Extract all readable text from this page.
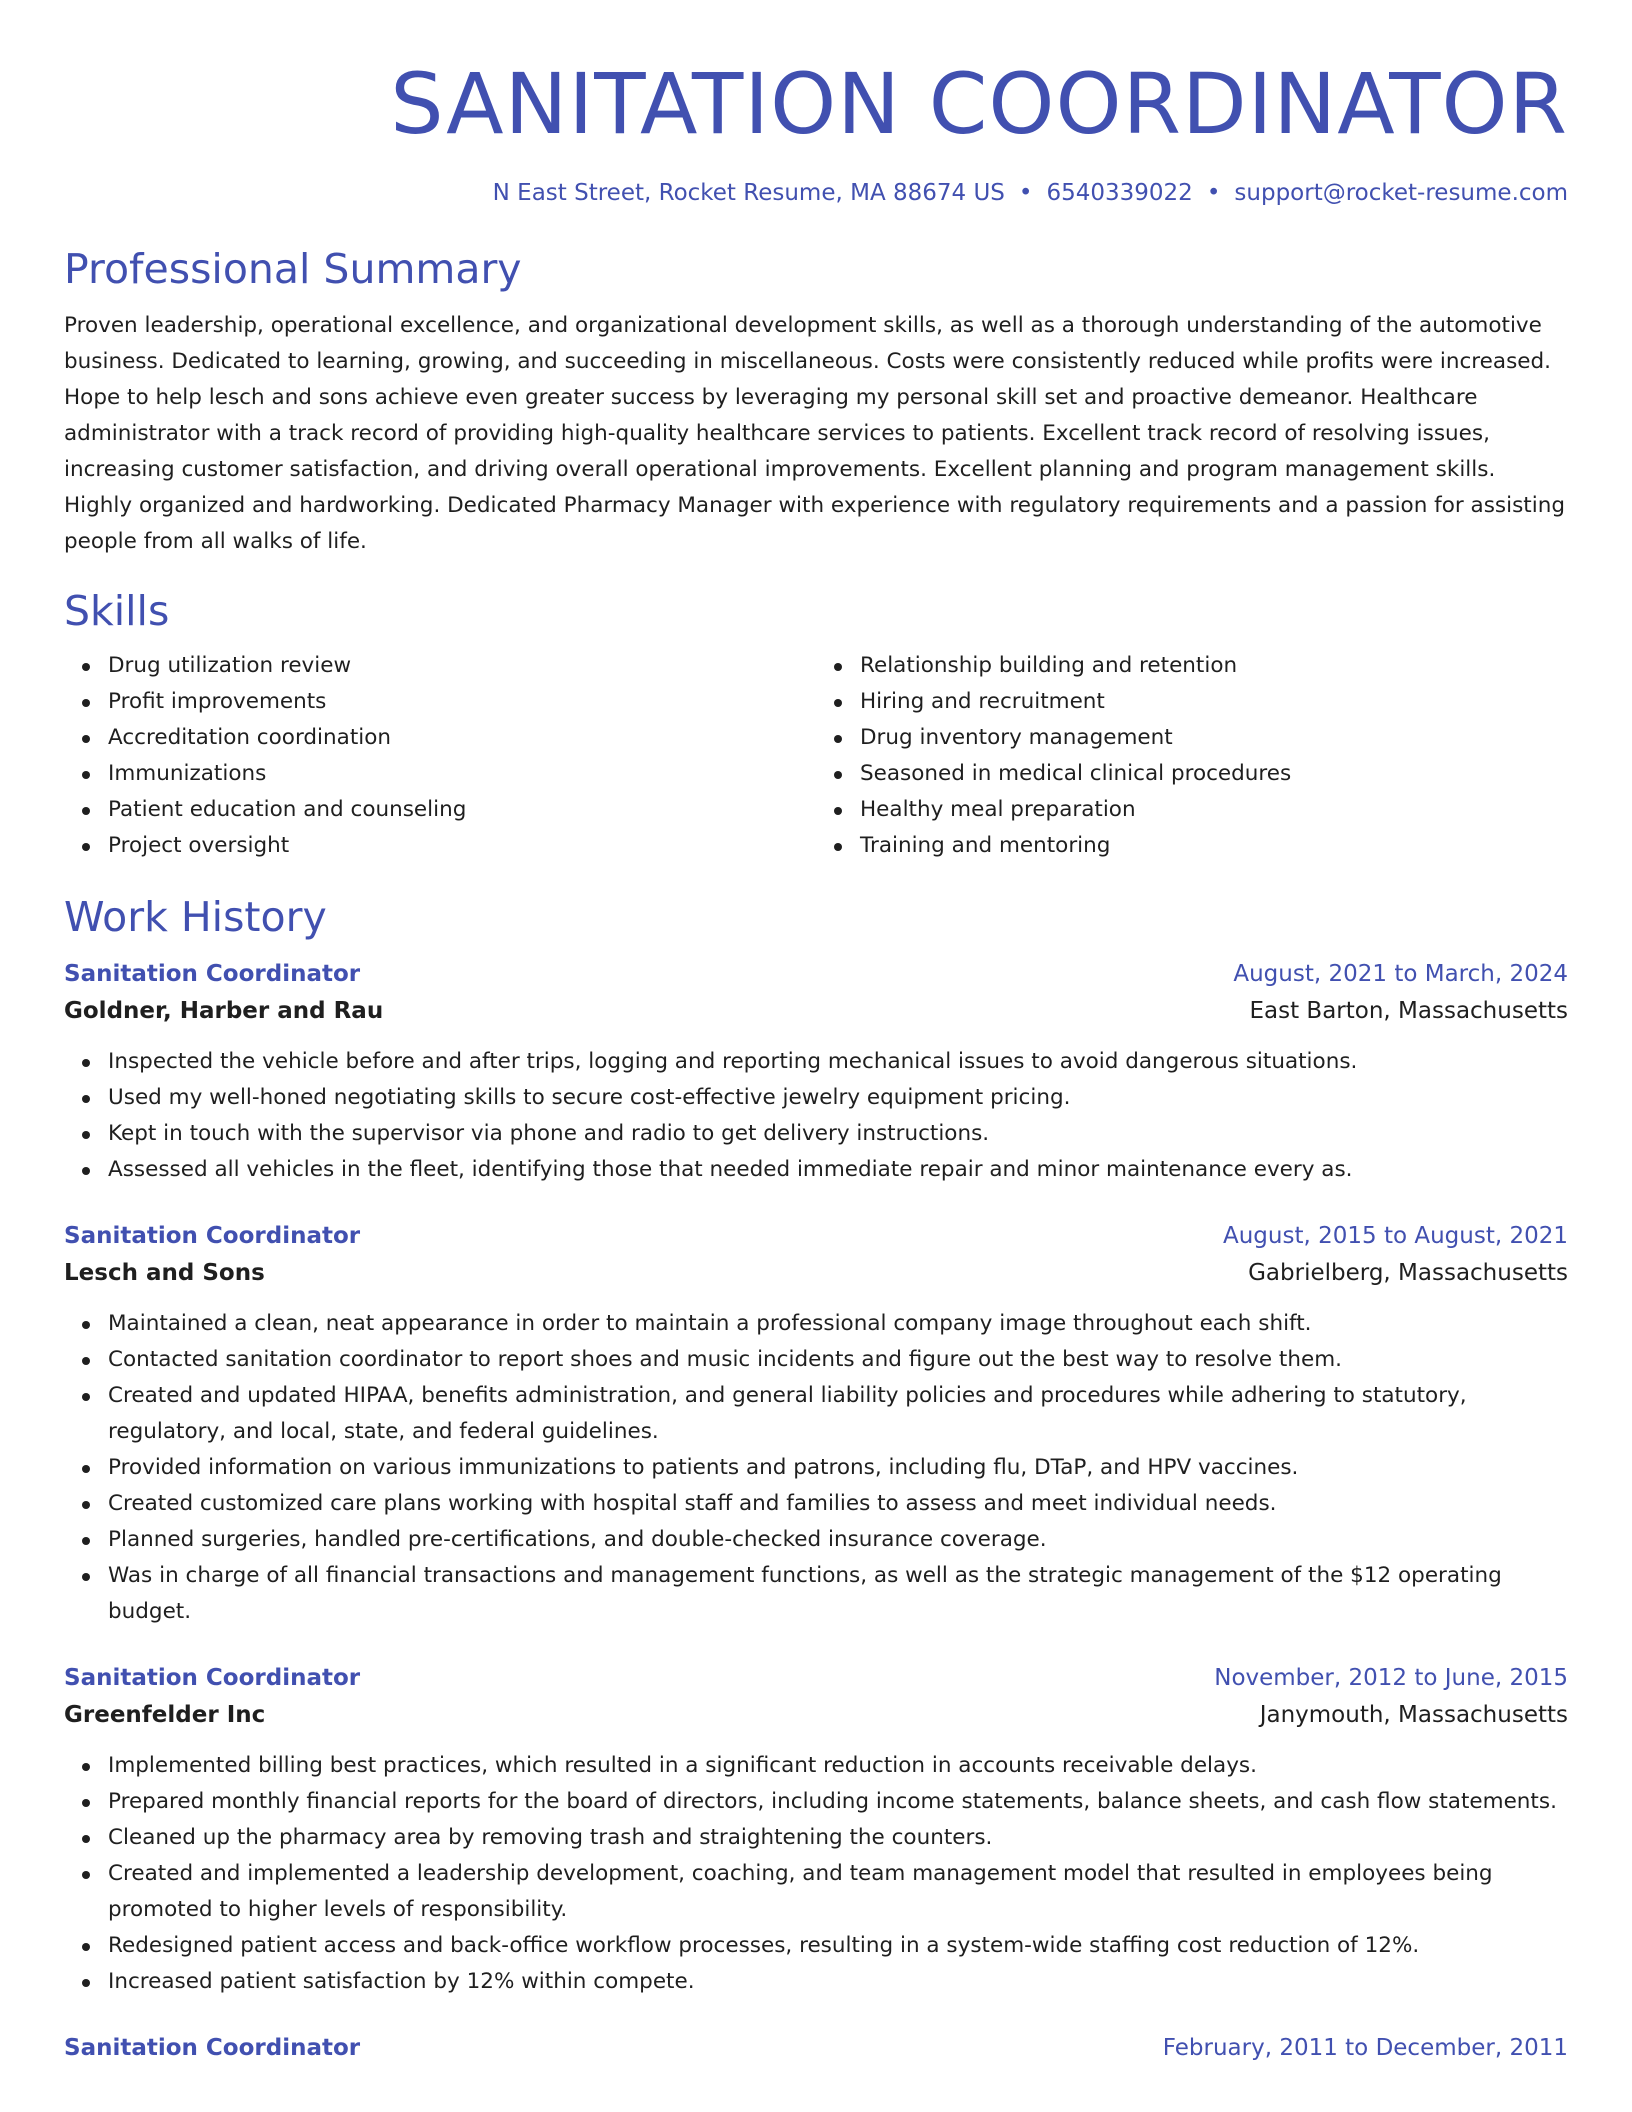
SANITATION COORDINATOR
N East Street, Rocket Resume, MA 88674 US • 6540339022 • support@rocket-resume.com
Professional Summary
Proven leadership, operational excellence, and organizational development skills, as well as a thorough understanding of the automotive business. Dedicated to learning, growing, and succeeding in miscellaneous. Costs were consistently reduced while profits were increased. Hope to help lesch and sons achieve even greater success by leveraging my personal skill set and proactive demeanor. Healthcare administrator with a track record of providing high-quality healthcare services to patients. Excellent track record of resolving issues, increasing customer satisfaction, and driving overall operational improvements. Excellent planning and program management skills. Highly organized and hardworking. Dedicated Pharmacy Manager with experience with regulatory requirements and a passion for assisting people from all walks of life.
Skills
Drug utilization review
Profit improvements
Accreditation coordination
Immunizations
Patient education and counseling
Project oversight
Relationship building and retention
Hiring and recruitment
Drug inventory management
Seasoned in medical clinical procedures
Healthy meal preparation
Training and mentoring
Work History
Sanitation Coordinator	August, 2021 to March, 2024
Goldner, Harber and Rau	East Barton, Massachusetts
Inspected the vehicle before and after trips, logging and reporting mechanical issues to avoid dangerous situations.
Used my well-honed negotiating skills to secure cost-effective jewelry equipment pricing.
Kept in touch with the supervisor via phone and radio to get delivery instructions.
Assessed all vehicles in the fleet, identifying those that needed immediate repair and minor maintenance every as.
Sanitation Coordinator	August, 2015 to August, 2021
Lesch and Sons	Gabrielberg, Massachusetts
Maintained a clean, neat appearance in order to maintain a professional company image throughout each shift.
Contacted sanitation coordinator to report shoes and music incidents and figure out the best way to resolve them.
Created and updated HIPAA, benefits administration, and general liability policies and procedures while adhering to statutory, regulatory, and local, state, and federal guidelines.
Provided information on various immunizations to patients and patrons, including flu, DTaP, and HPV vaccines.
Created customized care plans working with hospital staff and families to assess and meet individual needs.
Planned surgeries, handled pre-certifications, and double-checked insurance coverage.
Was in charge of all financial transactions and management functions, as well as the strategic management of the $12 operating budget.
Sanitation Coordinator	November, 2012 to June, 2015
Greenfelder Inc	Janymouth, Massachusetts
Implemented billing best practices, which resulted in a significant reduction in accounts receivable delays.
Prepared monthly financial reports for the board of directors, including income statements, balance sheets, and cash flow statements.
Cleaned up the pharmacy area by removing trash and straightening the counters.
Created and implemented a leadership development, coaching, and team management model that resulted in employees being promoted to higher levels of responsibility.
Redesigned patient access and back-office workflow processes, resulting in a system-wide staffing cost reduction of 12%.
Increased patient satisfaction by 12% within compete.
Sanitation Coordinator	February, 2011 to December, 2011
